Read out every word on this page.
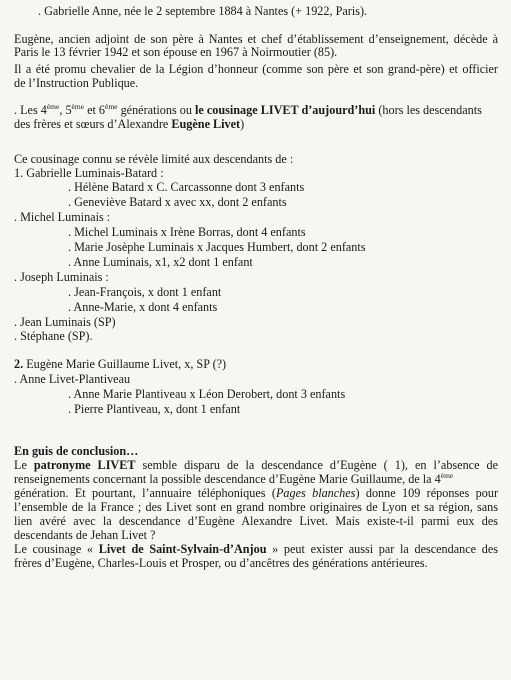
. Gabrielle Anne, née le 2 septembre 1884 à Nantes (+ 1922, Paris).
Eugène, ancien adjoint de son père à Nantes et chef d’établissement d’enseignement, décède à
Paris le 13 février 1942 et son épouse en 1967 à Noirmoutier (85).
Il a été promu chevalier de la Légion d’honneur (comme son père et son grand-père) et officier
de l’Instruction Publique.
. Les 4ème, 5ème et 6ème générations ou le cousinage LIVET d’aujourd’hui (hors les descendants
des frères et sœurs d’Alexandre Eugène Livet)
Ce cousinage connu se révèle limité aux descendants de :
1. Gabrielle Luminais-Batard :
. Hélène Batard x C. Carcassonne dont 3 enfants
. Geneviève Batard x avec xx, dont 2 enfants
. Michel Luminais :
. Michel Luminais x Irène Borras, dont 4 enfants
. Marie Josèphe Luminais x Jacques Humbert, dont 2 enfants
. Anne Luminais, x1, x2 dont 1 enfant
. Joseph Luminais :
. Jean-François, x dont 1 enfant
. Anne-Marie, x dont 4 enfants
. Jean Luminais (SP)
. Stéphane (SP).
2. Eugène Marie Guillaume Livet, x, SP (?)
. Anne Livet-Plantiveau
. Anne Marie Plantiveau x Léon Derobert, dont 3 enfants
. Pierre Plantiveau, x, dont 1 enfant
En guis de conclusion…
Le patronyme LIVET semble disparu de la descendance d’Eugène ( 1), en l’absence de
renseignements concernant la possible descendance d’Eugène Marie Guillaume, de la 4ème
génération. Et pourtant, l’annuaire téléphoniques (Pages blanches) donne 109 réponses pour
l’ensemble de la France ; des Livet sont en grand nombre originaires de Lyon et sa région, sans
lien avéré avec la descendance d’Eugène Alexandre Livet. Mais existe-t-il parmi eux des
descendants de Jehan Livet ?
Le cousinage « Livet de Saint-Sylvain-d’Anjou » peut exister aussi par la descendance des
frères d’Eugène, Charles-Louis et Prosper, ou d’ancêtres des générations antérieures.
